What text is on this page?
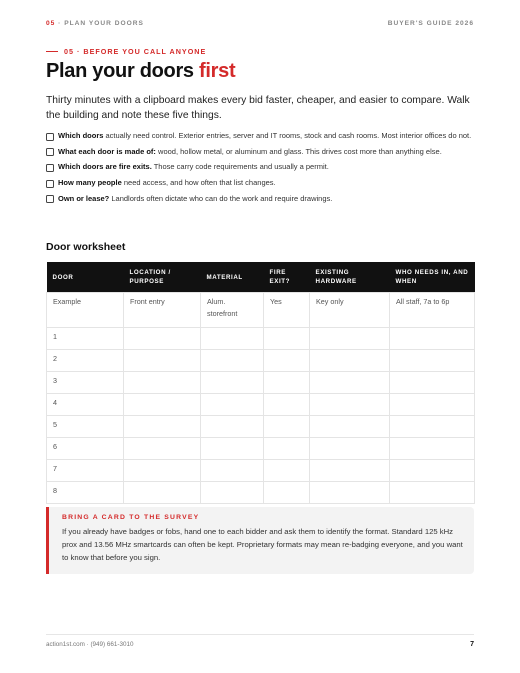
05 · PLAN YOUR DOORS	BUYER'S GUIDE 2026
05 · BEFORE YOU CALL ANYONE
Plan your doors first

Thirty minutes with a clipboard makes every bid faster, cheaper, and easier to compare. Walk the building and note these five things.

Which doors actually need control. Exterior entries, server and IT rooms, stock and cash rooms. Most interior offices do not.
What each door is made of: wood, hollow metal, or aluminum and glass. This drives cost more than anything else.
Which doors are fire exits. Those carry code requirements and usually a permit.
How many people need access, and how often that list changes.
Own or lease? Landlords often dictate who can do the work and require drawings.
Door worksheet
DOOR	LOCATION / PURPOSE	MATERIAL	FIRE EXIT?	EXISTING HARDWARE	WHO NEEDS IN, AND WHEN
Example	Front entry	Alum. storefront	Yes	Key only	All staff, 7a to 6p
1					
2					
3					
4					
5					
6					
7					
8					
BRING A CARD TO THE SURVEY
If you already have badges or fobs, hand one to each bidder and ask them to identify the format. Standard 125 kHz prox and 13.56 MHz smartcards can often be kept. Proprietary formats may mean re-badging everyone, and you want to know that before you sign.
action1st.com · (949) 661-3010	7
